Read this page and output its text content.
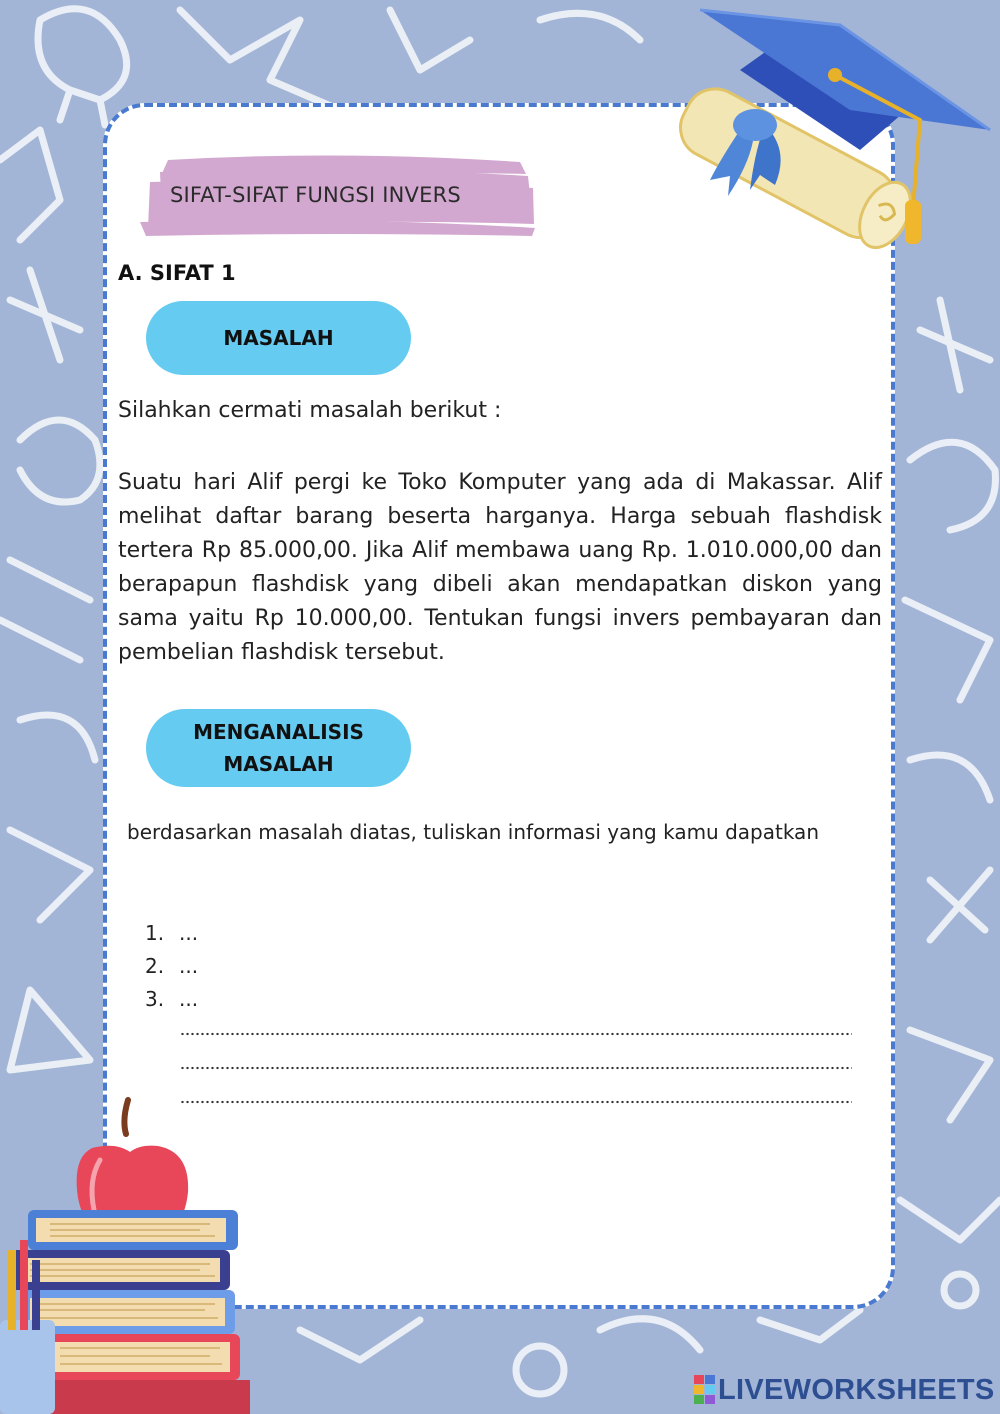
SIFAT-SIFAT FUNGSI INVERS
A. SIFAT 1
MASALAH
Silahkan cermati masalah berikut :
Suatu hari Alif pergi ke Toko Komputer yang ada di Makassar. Alif melihat daftar barang beserta harganya. Harga sebuah flashdisk tertera Rp 85.000,00. Jika Alif membawa uang Rp. 1.010.000,00 dan berapapun flashdisk yang dibeli akan mendapatkan diskon yang sama yaitu Rp 10.000,00. Tentukan fungsi invers pembayaran dan pembelian flashdisk tersebut.
MENGANALISIS MASALAH
berdasarkan masalah diatas, tuliskan informasi yang kamu dapatkan
1. ...
2. ...
3. ...
LIVEWORKSHEETS
